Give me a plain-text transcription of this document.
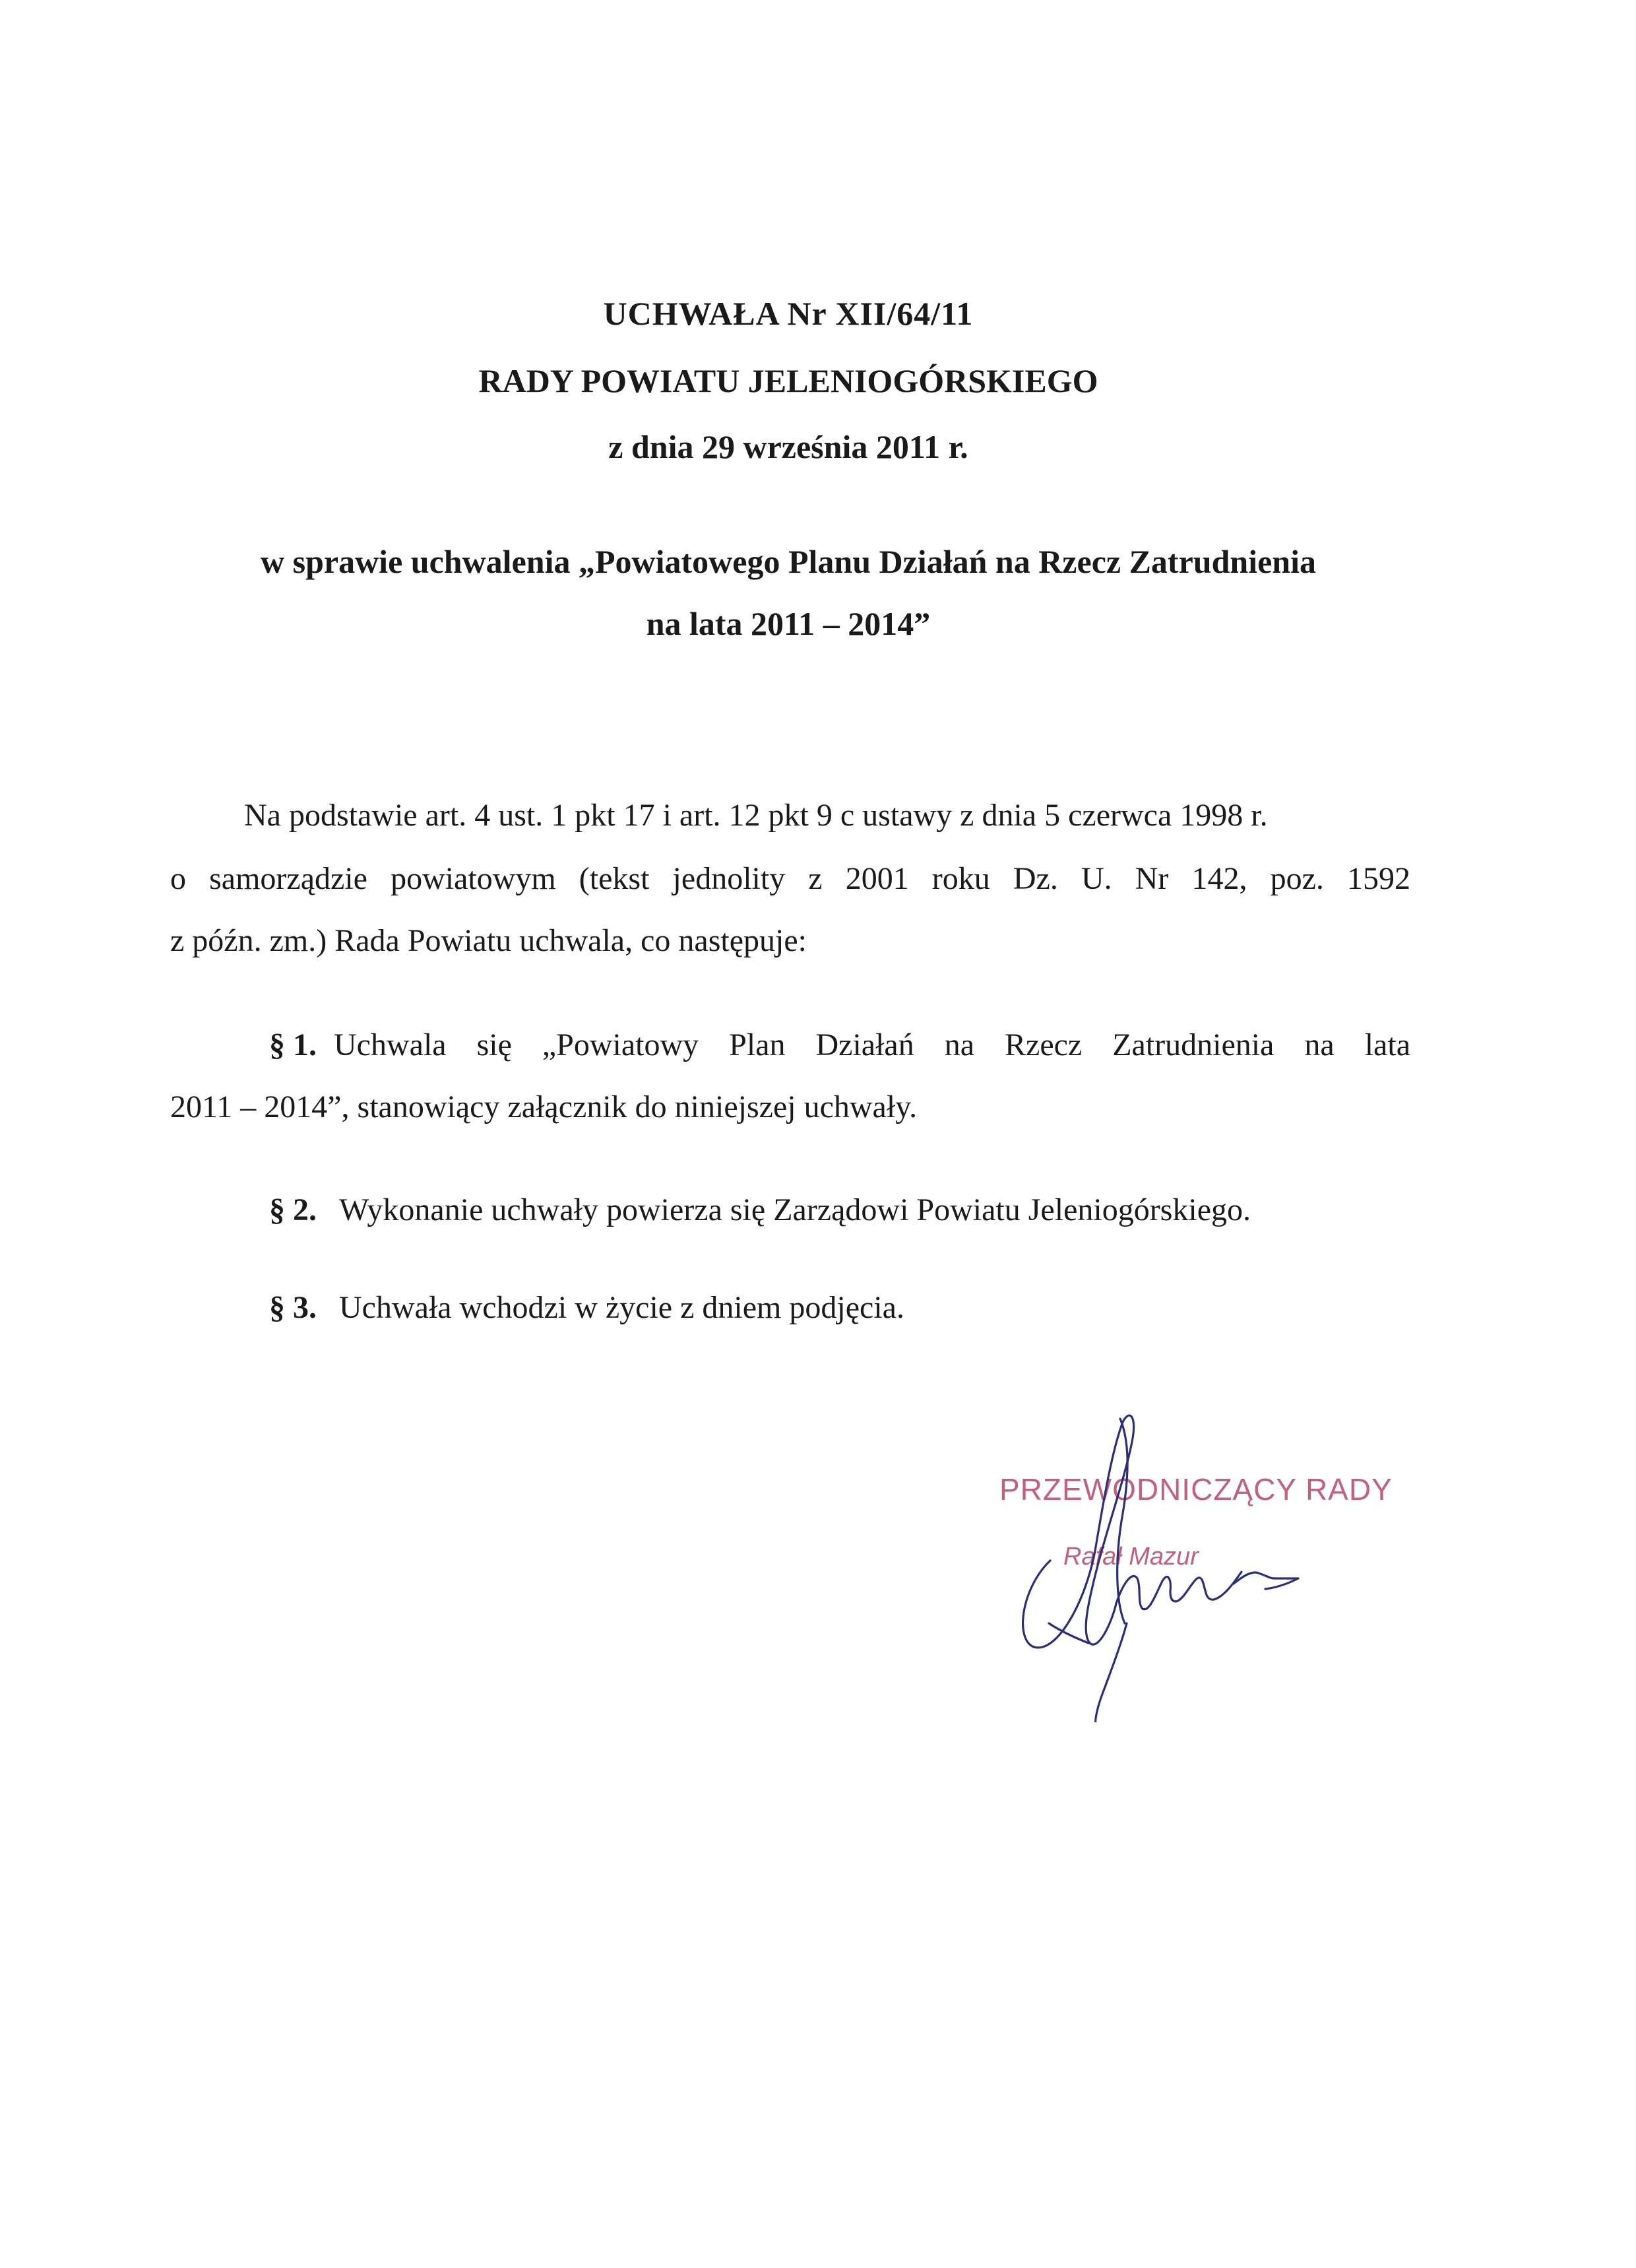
UCHWAŁA Nr XII/64/11
RADY POWIATU JELENIOGÓRSKIEGO
z dnia 29 września 2011 r.
w sprawie uchwalenia „Powiatowego Planu Działań na Rzecz Zatrudnienia
na lata 2011 – 2014”
Na podstawie art. 4 ust. 1 pkt 17 i art. 12 pkt 9 c ustawy z dnia 5 czerwca 1998 r.
o samorządzie powiatowym (tekst jednolity z 2001 roku Dz. U. Nr 142, poz. 1592
z późn. zm.) Rada Powiatu uchwala, co następuje:
§ 1. Uchwala się „Powiatowy Plan Działań na Rzecz Zatrudnienia na lata
2011 – 2014”, stanowiący załącznik do niniejszej uchwały.
§ 2. Wykonanie uchwały powierza się Zarządowi Powiatu Jeleniogórskiego.
§ 3. Uchwała wchodzi w życie z dniem podjęcia.
PRZEWODNICZĄCY RADY
Rafał Mazur
